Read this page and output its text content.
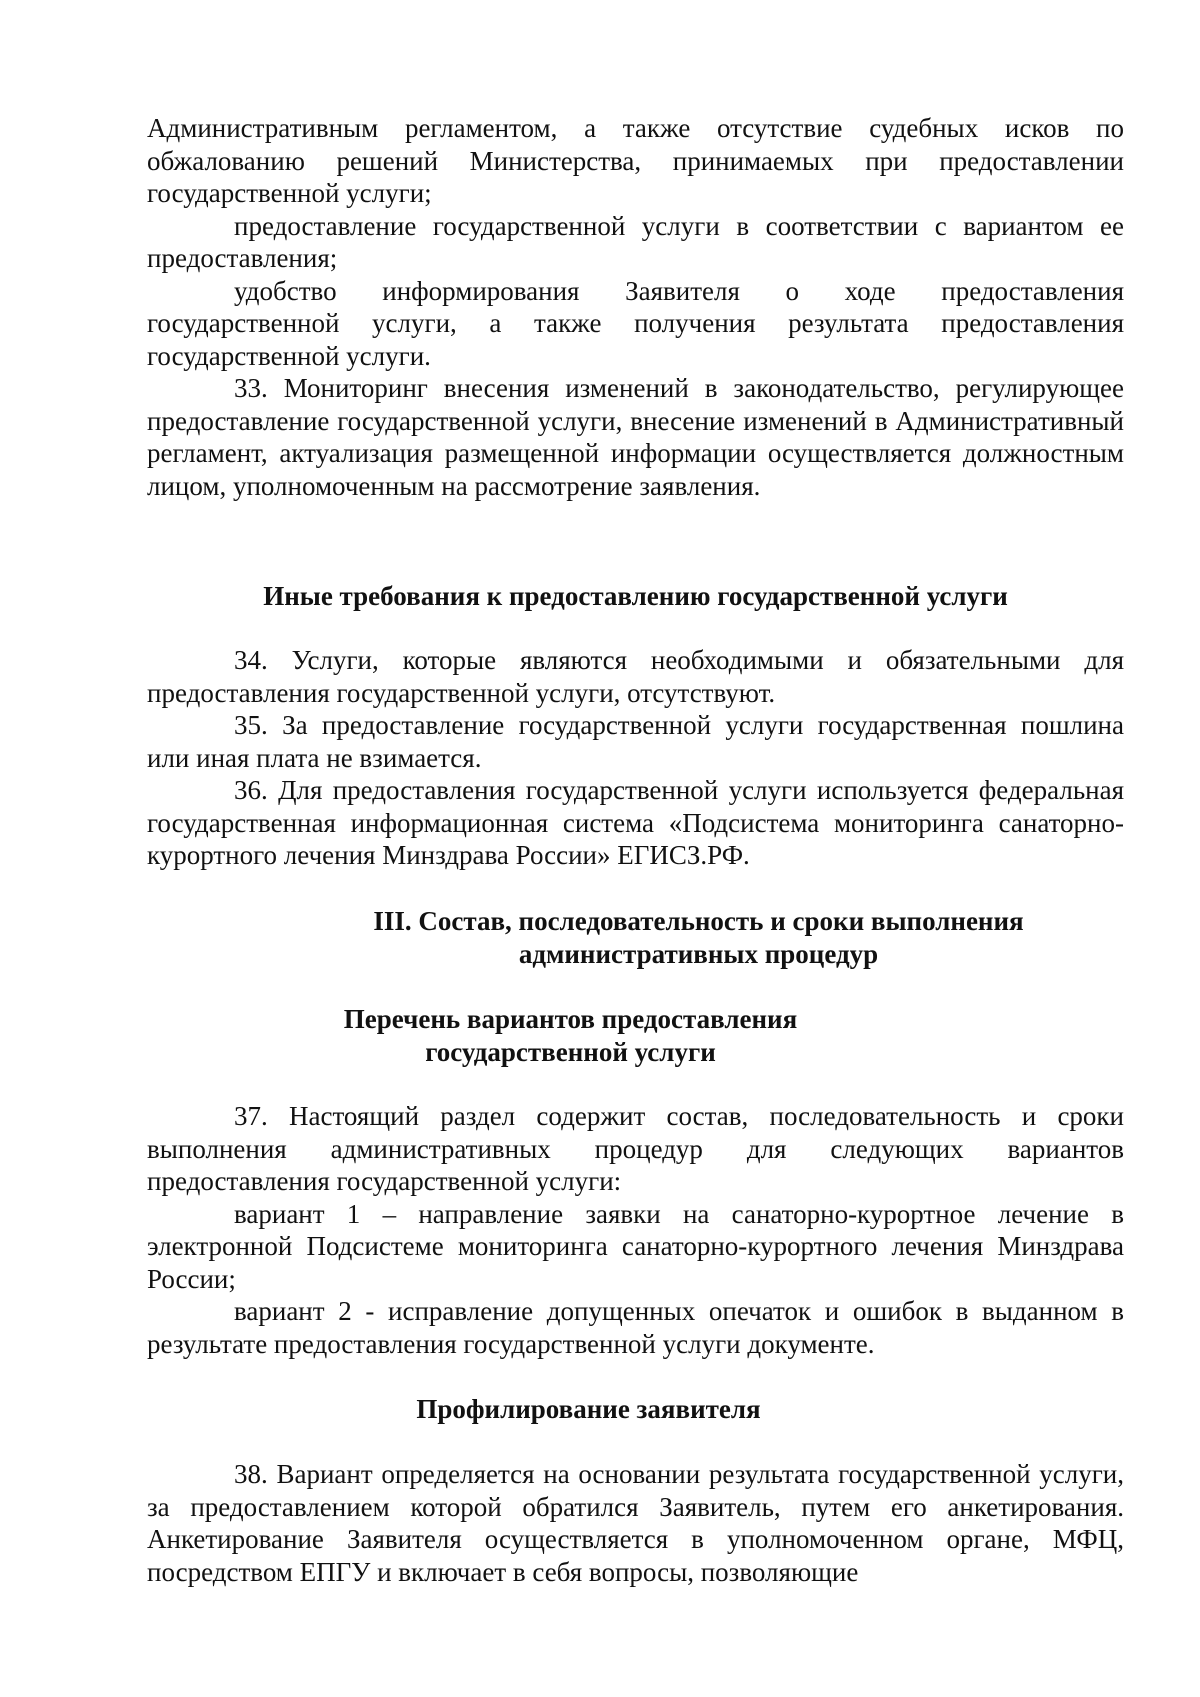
Административным регламентом, а также отсутствие судебных исков по обжалованию решений Министерства, принимаемых при предоставлении государственной услуги;

предоставление государственной услуги в соответствии с вариантом ее предоставления;

удобство информирования Заявителя о ходе предоставления государственной услуги, а также получения результата предоставления государственной услуги.

33. Мониторинг внесения изменений в законодательство, регулирующее предоставление государственной услуги, внесение изменений в Административный регламент, актуализация размещенной информации осуществляется должностным лицом, уполномоченным на рассмотрение заявления.

Иные требования к предоставлению государственной услуги

34. Услуги, которые являются необходимыми и обязательными для предоставления государственной услуги, отсутствуют.

35. За предоставление государственной услуги государственная пошлина или иная плата не взимается.

36. Для предоставления государственной услуги используется федеральная государственная информационная система «Подсистема мониторинга санаторно-курортного лечения Минздрава России» ЕГИСЗ.РФ.

III. Состав, последовательность и сроки выполнения
административных процедур
Перечень вариантов предоставления
государственной услуги

37. Настоящий раздел содержит состав, последовательность и сроки выполнения административных процедур для следующих вариантов предоставления государственной услуги:

вариант 1 – направление заявки на санаторно-курортное лечение в электронной Подсистеме мониторинга санаторно-курортного лечения Минздрава России;

вариант 2 - исправление допущенных опечаток и ошибок в выданном в результате предоставления государственной услуги документе.

Профилирование заявителя

38. Вариант определяется на основании результата государственной услуги, за предоставлением которой обратился Заявитель, путем его анкетирования. Анкетирование Заявителя осуществляется в уполномоченном органе, МФЦ, посредством ЕПГУ и включает в себя вопросы, позволяющие
